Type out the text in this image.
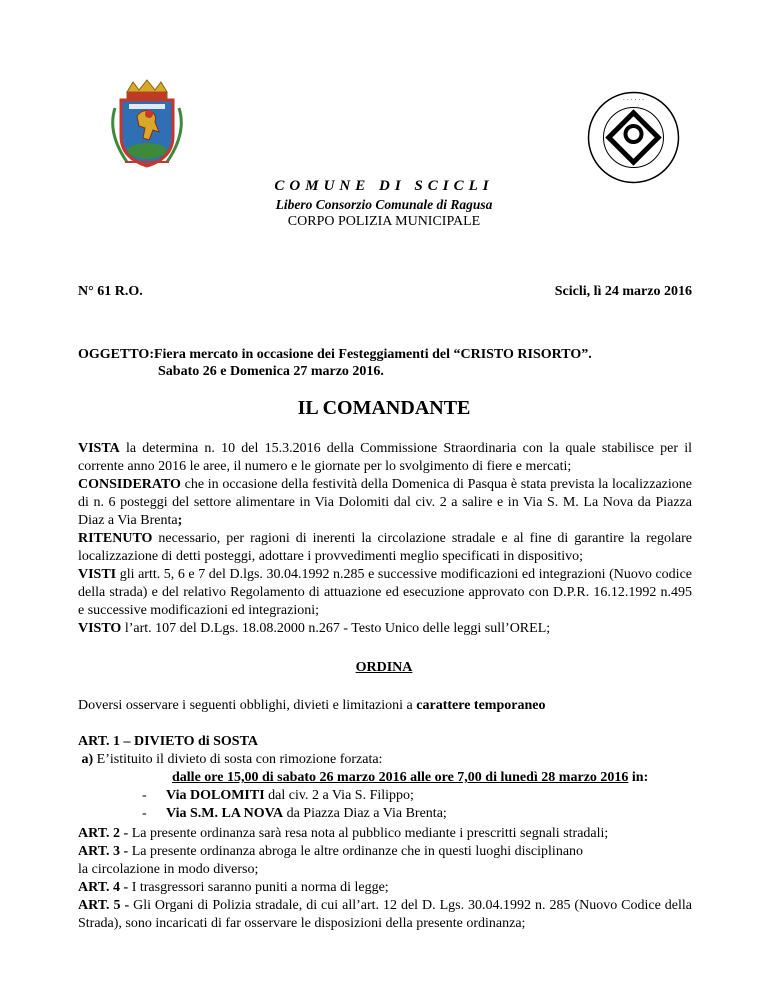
· · · · · ·
COMUNE DI SCICLI
Libero Consorzio Comunale di Ragusa
CORPO POLIZIA MUNICIPALE
N° 61 R.O.	Scicli, lì 24 marzo 2016
OGGETTO:Fiera mercato in occasione dei Festeggiamenti del “CRISTO RISORTO”.
Sabato 26 e Domenica 27 marzo 2016.
IL COMANDANTE
VISTA la determina n. 10 del 15.3.2016 della Commissione Straordinaria con la quale stabilisce per il corrente anno 2016 le aree, il numero e le giornate per lo svolgimento di fiere e mercati;
CONSIDERATO che in occasione della festività della Domenica di Pasqua è stata prevista la localizzazione di n. 6 posteggi del settore alimentare in Via Dolomiti dal civ. 2 a salire e in Via S. M. La Nova da Piazza Diaz a Via Brenta;
RITENUTO necessario, per ragioni di inerenti la circolazione stradale e al fine di garantire la regolare localizzazione di detti posteggi, adottare i provvedimenti meglio specificati in dispositivo;
VISTI gli artt. 5, 6 e 7 del D.lgs. 30.04.1992 n.285 e successive modificazioni ed integrazioni (Nuovo codice della strada) e del relativo Regolamento di attuazione ed esecuzione approvato con D.P.R. 16.12.1992 n.495 e successive modificazioni ed integrazioni;
VISTO l’art. 107 del D.Lgs. 18.08.2000 n.267 - Testo Unico delle leggi sull’OREL;
ORDINA
Doversi osservare i seguenti obblighi, divieti e limitazioni a carattere temporaneo
ART. 1 – DIVIETO di SOSTA
a) E’istituito il divieto di sosta con rimozione forzata:
dalle ore 15,00 di sabato 26 marzo 2016 alle ore 7,00 di lunedì 28 marzo 2016 in:
- Via DOLOMITI dal civ. 2 a Via S. Filippo;
- Via S.M. LA NOVA da Piazza Diaz a Via Brenta;
ART. 2 - La presente ordinanza sarà resa nota al pubblico mediante i prescritti segnali stradali;
ART. 3 - La presente ordinanza abroga le altre ordinanze che in questi luoghi disciplinano
la circolazione in modo diverso;
ART. 4 - I trasgressori saranno puniti a norma di legge;
ART. 5 - Gli Organi di Polizia stradale, di cui all’art. 12 del D. Lgs. 30.04.1992 n. 285 (Nuovo Codice della Strada), sono incaricati di far osservare le disposizioni della presente ordinanza;
